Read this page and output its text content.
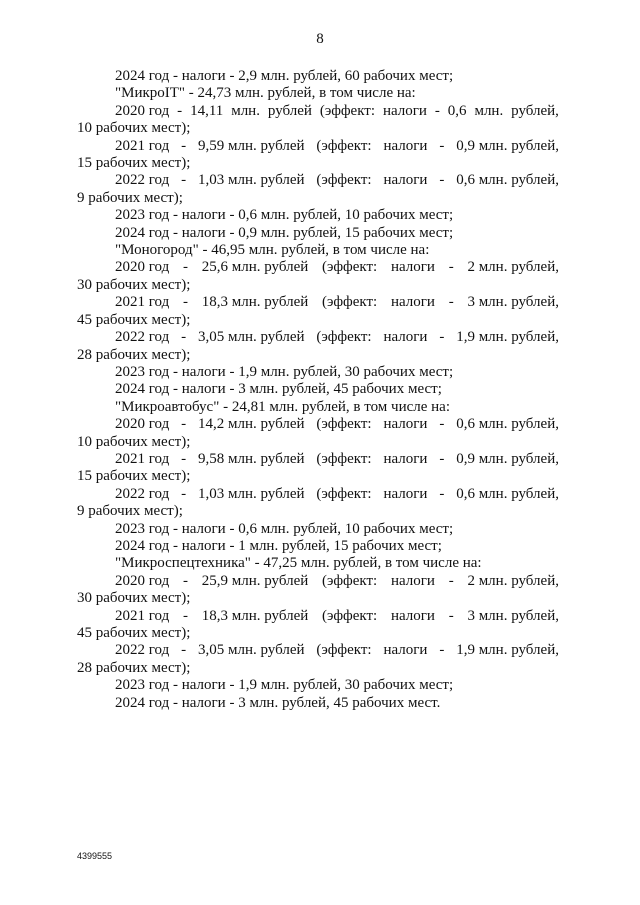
8
2024 год - налоги - 2,9 млн. рублей, 60 рабочих мест;
"МикроIT" - 24,73 млн. рублей, в том числе на:
2020 год - 14,11 млн. рублей (эффект: налоги - 0,6 млн. рублей,
10 рабочих мест);
2021 год - 9,59 млн. рублей (эффект: налоги - 0,9 млн. рублей,
15 рабочих мест);
2022 год - 1,03 млн. рублей (эффект: налоги - 0,6 млн. рублей,
9 рабочих мест);
2023 год - налоги - 0,6 млн. рублей, 10 рабочих мест;
2024 год - налоги - 0,9 млн. рублей, 15 рабочих мест;
"Моногород" - 46,95 млн. рублей, в том числе на:
2020 год - 25,6 млн. рублей (эффект: налоги - 2 млн. рублей,
30 рабочих мест);
2021 год - 18,3 млн. рублей (эффект: налоги - 3 млн. рублей,
45 рабочих мест);
2022 год - 3,05 млн. рублей (эффект: налоги - 1,9 млн. рублей,
28 рабочих мест);
2023 год - налоги - 1,9 млн. рублей, 30 рабочих мест;
2024 год - налоги - 3 млн. рублей, 45 рабочих мест;
"Микроавтобус" - 24,81 млн. рублей, в том числе на:
2020 год - 14,2 млн. рублей (эффект: налоги - 0,6 млн. рублей,
10 рабочих мест);
2021 год - 9,58 млн. рублей (эффект: налоги - 0,9 млн. рублей,
15 рабочих мест);
2022 год - 1,03 млн. рублей (эффект: налоги - 0,6 млн. рублей,
9 рабочих мест);
2023 год - налоги - 0,6 млн. рублей, 10 рабочих мест;
2024 год - налоги - 1 млн. рублей, 15 рабочих мест;
"Микроспецтехника" - 47,25 млн. рублей, в том числе на:
2020 год - 25,9 млн. рублей (эффект: налоги - 2 млн. рублей,
30 рабочих мест);
2021 год - 18,3 млн. рублей (эффект: налоги - 3 млн. рублей,
45 рабочих мест);
2022 год - 3,05 млн. рублей (эффект: налоги - 1,9 млн. рублей,
28 рабочих мест);
2023 год - налоги - 1,9 млн. рублей, 30 рабочих мест;
2024 год - налоги - 3 млн. рублей, 45 рабочих мест.
4399555
